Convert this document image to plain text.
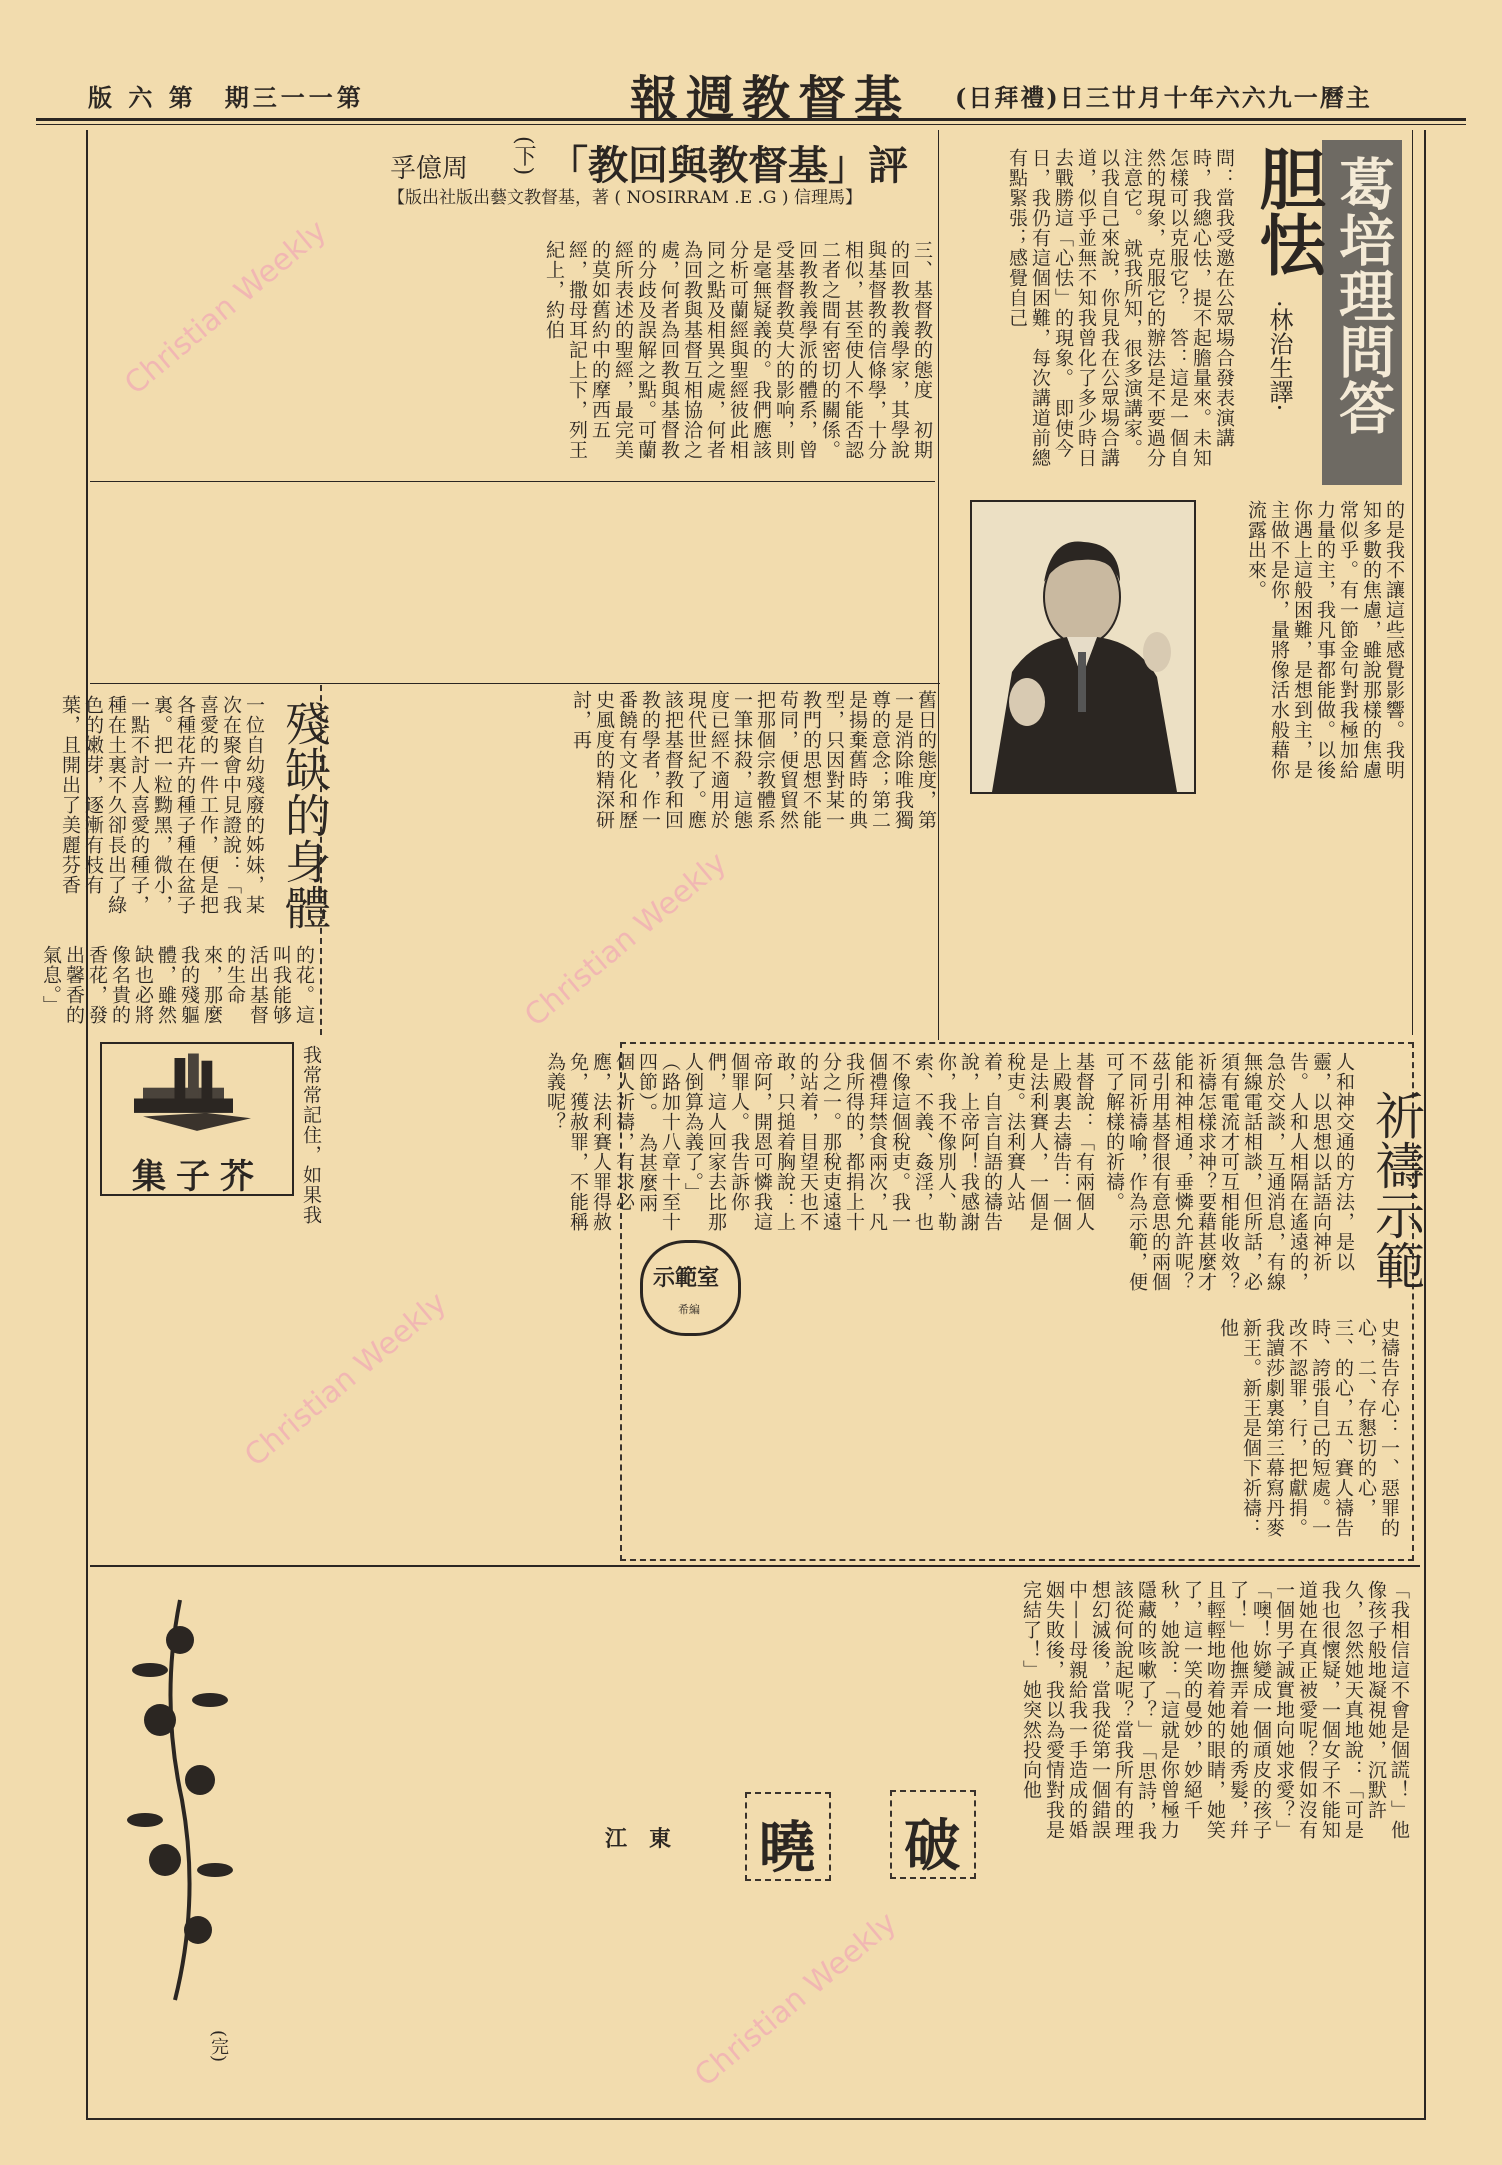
Christian Weekly
Christian Weekly
Christian Weekly
Christian Weekly
版 六 第　期三一一第	報週教督基 (日拜禮)日三廿月十年六六九一曆主
「教回與教督基」評
(下)
孚億周
【版出社版出藝文教督基，著 ( NOSIRRAM .E .G ) 信理馬】
三、基督教的態度　初期的回教教義學家，其學說與基督教的信條學，十分相似，甚至使人不能否認二者之間有密切的關係。回教教義學派的體系，曾受基督教莫大的影响，則是毫無疑義的。我們應該分析可蘭經與聖經彼此相同之點及相異之處，何者為回教與基督互相協洽之處，何者為回教與基督教的分歧及誤解之點。可蘭經所表述的聖經，最完美的莫如舊約中的摩西五經，撒母耳記上下，列王紀上，約伯
舊日的態度，第一是消除唯我獨尊的意念；第二是揚棄舊時的典型，只因對某一教門的思想不能苟同，便貿貿然把那個宗教體系一筆抹殺，這態度已經不適用於現代世紀了。應該把基督教和回教的學者，作一番饒有文化和歷史風度的精深研討，再
葛培理問答
胆怯
·林治生譯·
問：當我受邀在公眾場合發表演講時，我總心怯，提不起膽量來。未知怎樣可以克服它？　答：這是一個自然的現象，克服它的辦法是不要過分注意它。　就我所知，很多演講家。以我自己來說，你見我在公眾場合講道，似乎並無不知我曾化了多少時日去戰勝這「心怯」的現象。　即使今日，我仍有這個困難，每次講道前總有點緊張；感覺自己
的是我不讓這些感覺影響。我明知多數的焦慮，雖說那樣的焦慮常似乎。有一節金句對我極加給力量的主，我凡事都能做。以後你遇上這般困難，是想到主，是主做不是你，量將像活水般藉你流露出來。
殘缺的身體
一位自幼殘廢的姊妹，某次在聚會中見證說：「我喜愛的一件工作，便是把各種花卉的種子種在盆子裏。把一粒黝黑，微小，一點不討人喜愛的種子，種在土裏不久卻長出了綠色的嫩芽，逐漸有枝有葉，且開出了美麗芬香
的花。這叫我能够活出基督的生命來，那麼我的殘軀體，雖然缺也必將像名貴的香花，發出馨香的氣息。」
集子芥 我常常記住，如果我	祈禱示範
人和神交通的方法，是以靈，以思想以話語向神祈告。人和人相隔在遙遠的，急於交談，互通消息，有線無線電話相談，但所話，必須有電流才可互相能收效？祈禱怎樣求神？要藉甚麼才能和神相通，垂憐允許呢？茲引用基督很有意思的兩個不同祈禱喻，作為示範，便可了解樣的祈禱。
基督說：「有兩個人上殿裏去禱告：一個是法利賽人，一個是稅吏。法利賽人站着，自言自語的禱告說，上帝阿！我感謝你，我不像別人、勒索、不義、姦淫，也不像這個稅吏。我一個禮拜禁食兩次，凡我所得的，都捐上十分之一。那稅吏遠遠的站着，目望天也不敢，只搥着胸說：上帝阿，開恩可憐我這個罪人。我告訴你們，這人回家去比那人倒算為義了。」（路加十八章十至十四節）。　為甚麼兩個人祈禱，有求必應，法利賽人罪得赦免，獲赦罪，不能稱為義呢？
示範室
希編
史禱告存心：一、惡罪的心，二、存懇切的心，三、的心，五、賽人禱告時、誇張自己的短處。一改不認罪，行，把獻捐。我讀莎劇裏第三幕寫丹麥新王。新王是個下祈禱：他
(完)
「我相信這不會是個謊！」他像孩子般地凝視她，沉默許久，忽然她天真地說：「可是我也很懷疑，一個女子不能知道她在真正被愛呢？假如沒有一個男子誠實地向她求愛？」　「噢！妳變成一個頑皮的孩子了！」他撫弄着她的秀髮，幷且輕輕地吻着她的眼睛，她笑了，這一笑的曼妙，妙絕千秋，她說：「這就是你曾極力隱藏的咳嗽了？」　「思詩，我該從何說起呢？當我所有的理想幻滅後，當我從第一個錯誤中——母親給我一手造成的婚姻失敗後，我以為愛情對我是完結了！」她突然投向他
破
曉
江　東
